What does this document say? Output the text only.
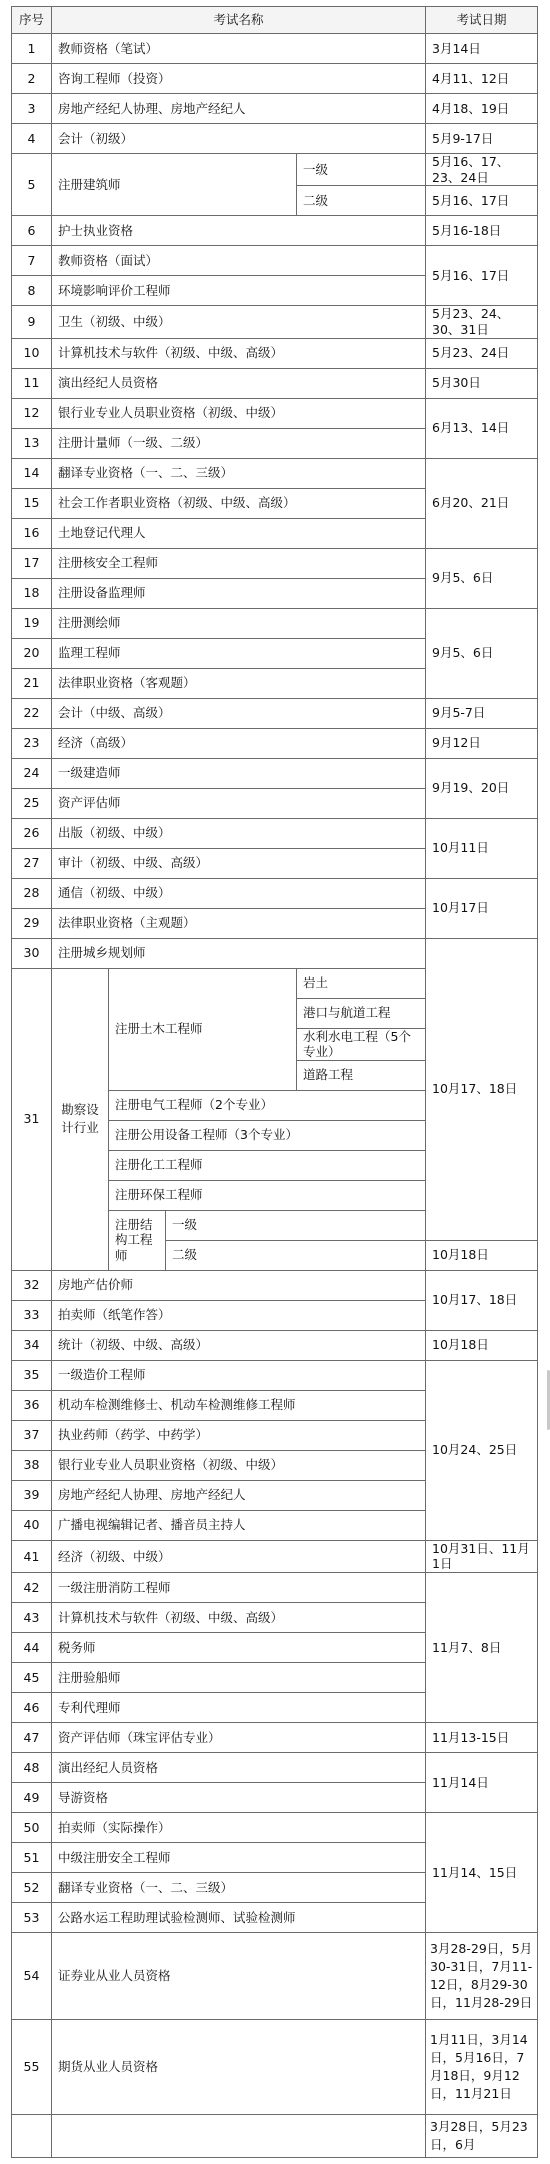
序号	考试名称				考试日期
1	教师资格（笔试）				3月14日
2	咨询工程师（投资）				4月11、12日
3	房地产经纪人协理、房地产经纪人				4月18、19日
4	会计（初级）				5月9-17日
5	注册建筑师			一级	5月16、17、23、24日
				二级	5月16、17日
6	护士执业资格				5月16-18日
7	教师资格（面试）				5月16、17日
8	环境影响评价工程师				
9	卫生（初级、中级）				5月23、24、30、31日
10	计算机技术与软件（初级、中级、高级）				5月23、24日
11	演出经纪人员资格				5月30日
12	银行业专业人员职业资格（初级、中级）				6月13、14日
13	注册计量师（一级、二级）				
14	翻译专业资格（一、二、三级）				6月20、21日
15	社会工作者职业资格（初级、中级、高级）				
16	土地登记代理人				
17	注册核安全工程师				9月5、6日
18	注册设备监理师				
19	注册测绘师				9月5、6日
20	监理工程师				
21	法律职业资格（客观题）				
22	会计（中级、高级）				9月5-7日
23	经济（高级）				9月12日
24	一级建造师				9月19、20日
25	资产评估师				
26	出版（初级、中级）				10月11日
27	审计（初级、中级、高级）				
28	通信（初级、中级）				10月17日
29	法律职业资格（主观题）				
30	注册城乡规划师				10月17、18日
31	勘察设计行业	注册土木工程师		岩土	
				港口与航道工程	
				水利水电工程（5个专业）	
				道路工程	
		注册电气工程师（2个专业）			
		注册公用设备工程师（3个专业）			
		注册化工工程师			
		注册环保工程师			
		注册结构工程师	一级		
			二级		10月18日
32	房地产估价师				10月17、18日
33	拍卖师（纸笔作答）				
34	统计（初级、中级、高级）				10月18日
35	一级造价工程师				10月24、25日
36	机动车检测维修士、机动车检测维修工程师				
37	执业药师（药学、中药学）				
38	银行业专业人员职业资格（初级、中级）				
39	房地产经纪人协理、房地产经纪人				
40	广播电视编辑记者、播音员主持人				
41	经济（初级、中级）				10月31日、11月1日
42	一级注册消防工程师				11月7、8日
43	计算机技术与软件（初级、中级、高级）				
44	税务师				
45	注册验船师				
46	专利代理师				
47	资产评估师（珠宝评估专业）				11月13-15日
48	演出经纪人员资格				11月14日
49	导游资格				
50	拍卖师（实际操作）				11月14、15日
51	中级注册安全工程师				
52	翻译专业资格（一、二、三级）				
53	公路水运工程助理试验检测师、试验检测师				
54	证券业从业人员资格				3月28-29日，5月30-31日，7月11-12日，8月29-30日，11月28-29日
55	期货从业人员资格				1月11日，3月14日，5月16日，7月18日，9月12日，11月21日
					3月28日，5月23日，6月
